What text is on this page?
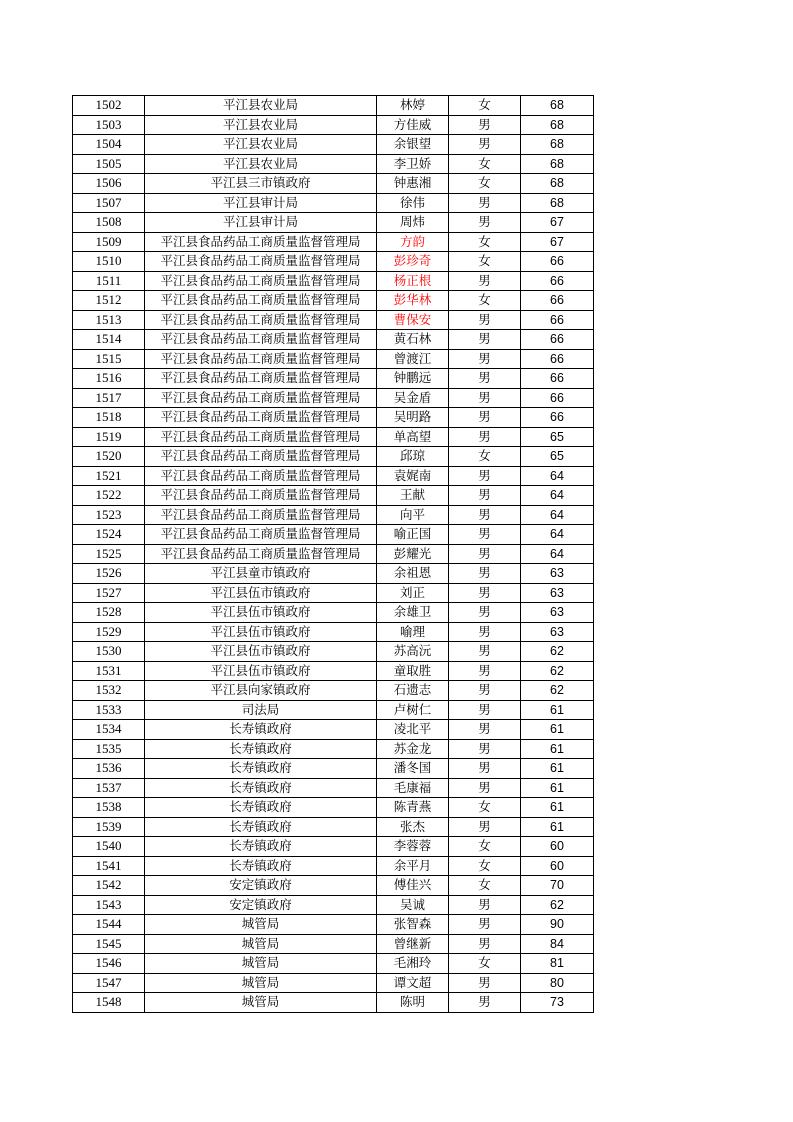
1502	平江县农业局	林婷	女	68
1503	平江县农业局	方佳威	男	68
1504	平江县农业局	余银望	男	68
1505	平江县农业局	李卫娇	女	68
1506	平江县三市镇政府	钟惠湘	女	68
1507	平江县审计局	徐伟	男	68
1508	平江县审计局	周炜	男	67
1509	平江县食品药品工商质量监督管理局	方韵	女	67
1510	平江县食品药品工商质量监督管理局	彭珍奇	女	66
1511	平江县食品药品工商质量监督管理局	杨正根	男	66
1512	平江县食品药品工商质量监督管理局	彭华林	女	66
1513	平江县食品药品工商质量监督管理局	曹保安	男	66
1514	平江县食品药品工商质量监督管理局	黄石林	男	66
1515	平江县食品药品工商质量监督管理局	曾渡江	男	66
1516	平江县食品药品工商质量监督管理局	钟鹏远	男	66
1517	平江县食品药品工商质量监督管理局	吴金盾	男	66
1518	平江县食品药品工商质量监督管理局	吴明路	男	66
1519	平江县食品药品工商质量监督管理局	单高望	男	65
1520	平江县食品药品工商质量监督管理局	邱琼	女	65
1521	平江县食品药品工商质量监督管理局	袁娓南	男	64
1522	平江县食品药品工商质量监督管理局	王献	男	64
1523	平江县食品药品工商质量监督管理局	向平	男	64
1524	平江县食品药品工商质量监督管理局	喻正国	男	64
1525	平江县食品药品工商质量监督管理局	彭耀光	男	64
1526	平江县童市镇政府	余祖恩	男	63
1527	平江县伍市镇政府	刘正	男	63
1528	平江县伍市镇政府	余雄卫	男	63
1529	平江县伍市镇政府	喻理	男	63
1530	平江县伍市镇政府	苏高沅	男	62
1531	平江县伍市镇政府	童取胜	男	62
1532	平江县向家镇政府	石遗志	男	62
1533	司法局	卢树仁	男	61
1534	长寿镇政府	凌北平	男	61
1535	长寿镇政府	苏金龙	男	61
1536	长寿镇政府	潘冬国	男	61
1537	长寿镇政府	毛康福	男	61
1538	长寿镇政府	陈青燕	女	61
1539	长寿镇政府	张杰	男	61
1540	长寿镇政府	李蓉蓉	女	60
1541	长寿镇政府	余平月	女	60
1542	安定镇政府	傅佳兴	女	70
1543	安定镇政府	吴诚	男	62
1544	城管局	张智森	男	90
1545	城管局	曾继新	男	84
1546	城管局	毛湘玲	女	81
1547	城管局	谭文超	男	80
1548	城管局	陈明	男	73
